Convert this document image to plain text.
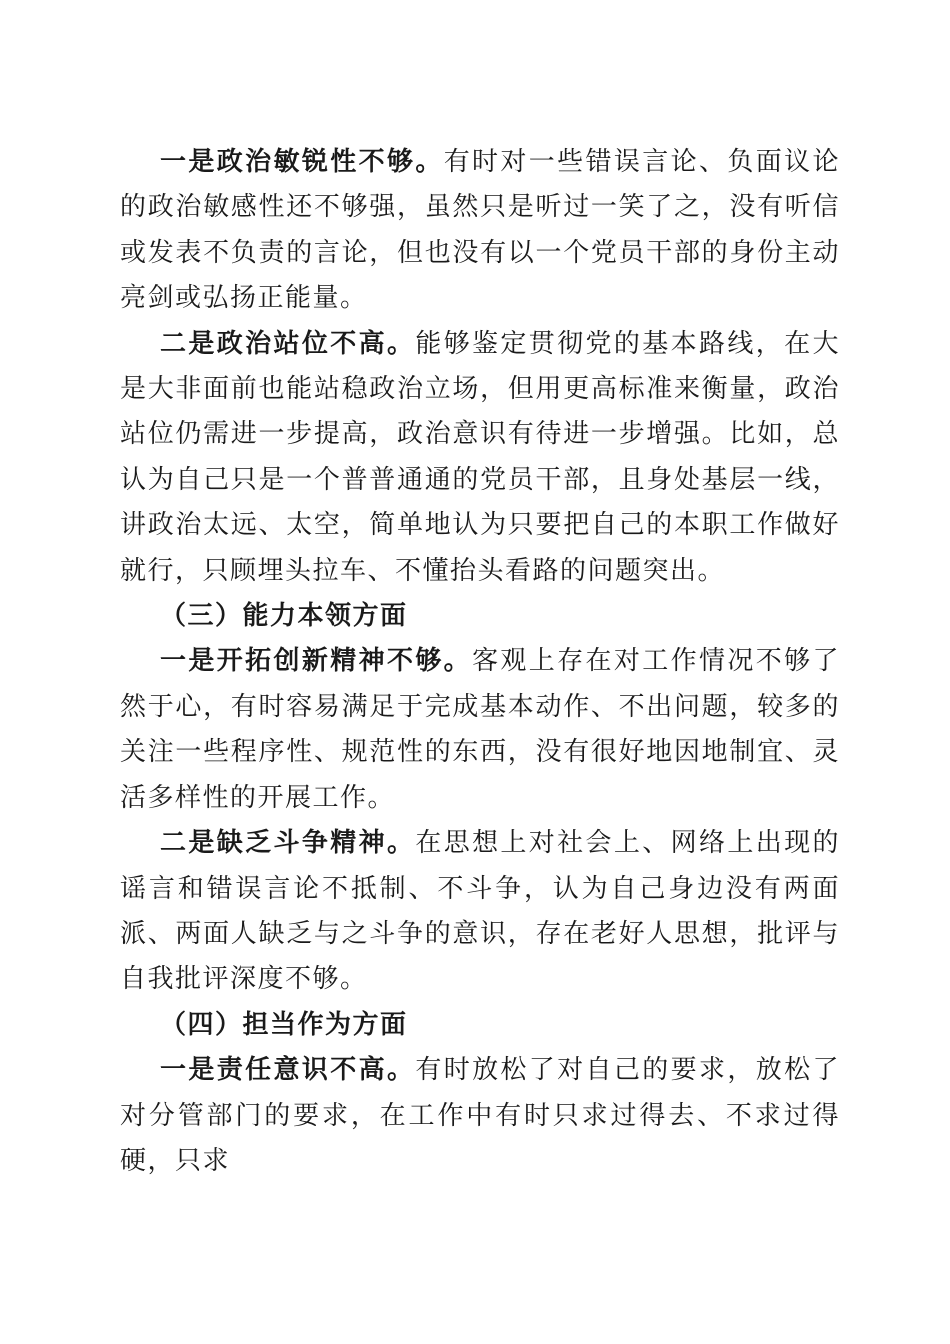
一是政治敏锐性不够。有时对一些错误言论、负面议论的政治敏感性还不够强，虽然只是听过一笑了之，没有听信或发表不负责的言论，但也没有以一个党员干部的身份主动亮剑或弘扬正能量。

二是政治站位不高。能够鉴定贯彻党的基本路线，在大是大非面前也能站稳政治立场，但用更高标准来衡量，政治站位仍需进一步提高，政治意识有待进一步增强。比如，总认为自己只是一个普普通通的党员干部，且身处基层一线，讲政治太远、太空，简单地认为只要把自己的本职工作做好就行，只顾埋头拉车、不懂抬头看路的问题突出。

（三）能力本领方面

一是开拓创新精神不够。客观上存在对工作情况不够了然于心，有时容易满足于完成基本动作、不出问题，较多的关注一些程序性、规范性的东西，没有很好地因地制宜、灵活多样性的开展工作。

二是缺乏斗争精神。在思想上对社会上、网络上出现的谣言和错误言论不抵制、不斗争，认为自己身边没有两面派、两面人缺乏与之斗争的意识，存在老好人思想，批评与自我批评深度不够。

（四）担当作为方面

一是责任意识不高。有时放松了对自己的要求，放松了对分管部门的要求，在工作中有时只求过得去、不求过得硬，只求
